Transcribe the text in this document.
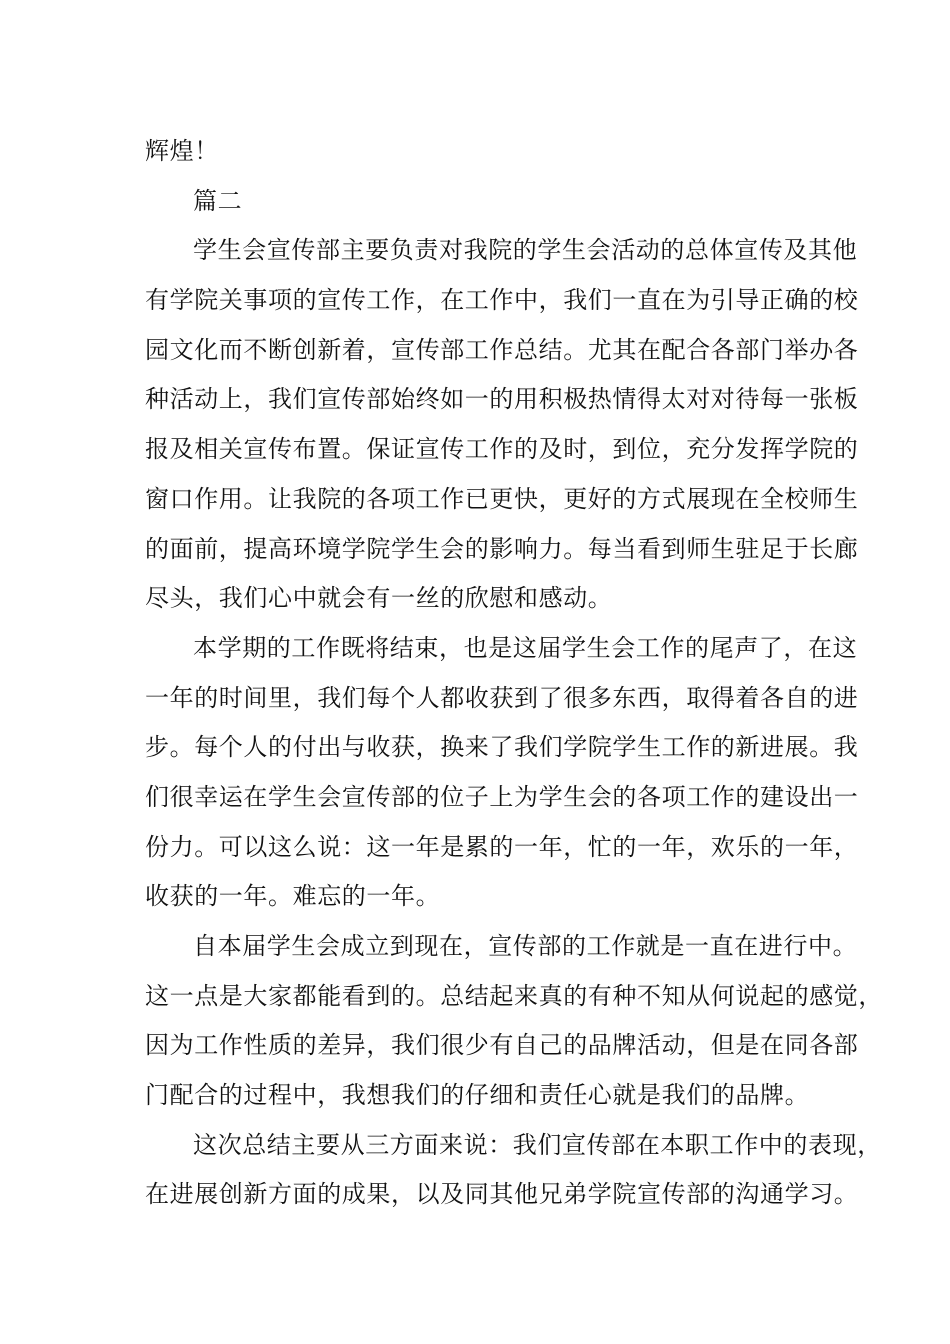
辉煌！
篇二
学生会宣传部主要负责对我院的学生会活动的总体宣传及其他
有学院关事项的宣传工作，在工作中，我们一直在为引导正确的校
园文化而不断创新着，宣传部工作总结。尤其在配合各部门举办各
种活动上，我们宣传部始终如一的用积极热情得太对对待每一张板
报及相关宣传布置。保证宣传工作的及时，到位，充分发挥学院的
窗口作用。让我院的各项工作已更快，更好的方式展现在全校师生
的面前，提高环境学院学生会的影响力。每当看到师生驻足于长廊
尽头，我们心中就会有一丝的欣慰和感动。
本学期的工作既将结束，也是这届学生会工作的尾声了，在这
一年的时间里，我们每个人都收获到了很多东西，取得着各自的进
步。每个人的付出与收获，换来了我们学院学生工作的新进展。我
们很幸运在学生会宣传部的位子上为学生会的各项工作的建设出一
份力。可以这么说：这一年是累的一年，忙的一年，欢乐的一年，
收获的一年。难忘的一年。
自本届学生会成立到现在，宣传部的工作就是一直在进行中。
这一点是大家都能看到的。总结起来真的有种不知从何说起的感觉，
因为工作性质的差异，我们很少有自己的品牌活动，但是在同各部
门配合的过程中，我想我们的仔细和责任心就是我们的品牌。
这次总结主要从三方面来说：我们宣传部在本职工作中的表现，
在进展创新方面的成果，以及同其他兄弟学院宣传部的沟通学习。
